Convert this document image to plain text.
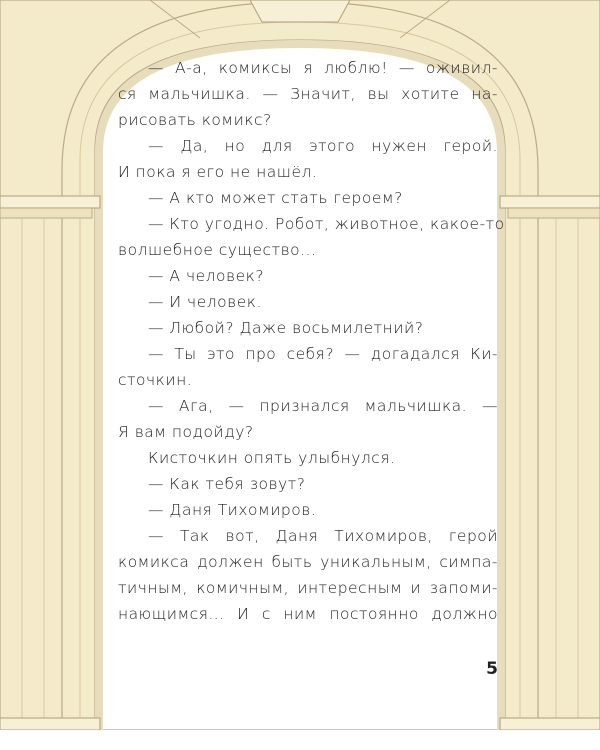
— А-а, комиксы я люблю! — оживил-
ся мальчишка. — Значит, вы хотите на-
рисовать комикс?
— Да, но для этого нужен герой.
И пока я его не нашёл.
— А кто может стать героем?
— Кто угодно. Робот, животное, какое-то
волшебное существо...
— А человек?
— И человек.
— Любой? Даже восьмилетний?
— Ты это про себя? — догадался Ки-
сточкин.
— Ага, — признался мальчишка. —
Я вам подойду?
Кисточкин опять улыбнулся.
— Как тебя зовут?
— Даня Тихомиров.
— Так вот, Даня Тихомиров, герой
комикса должен быть уникальным, симпа-
тичным, комичным, интересным и запоми-
нающимся... И с ним постоянно должно
5
